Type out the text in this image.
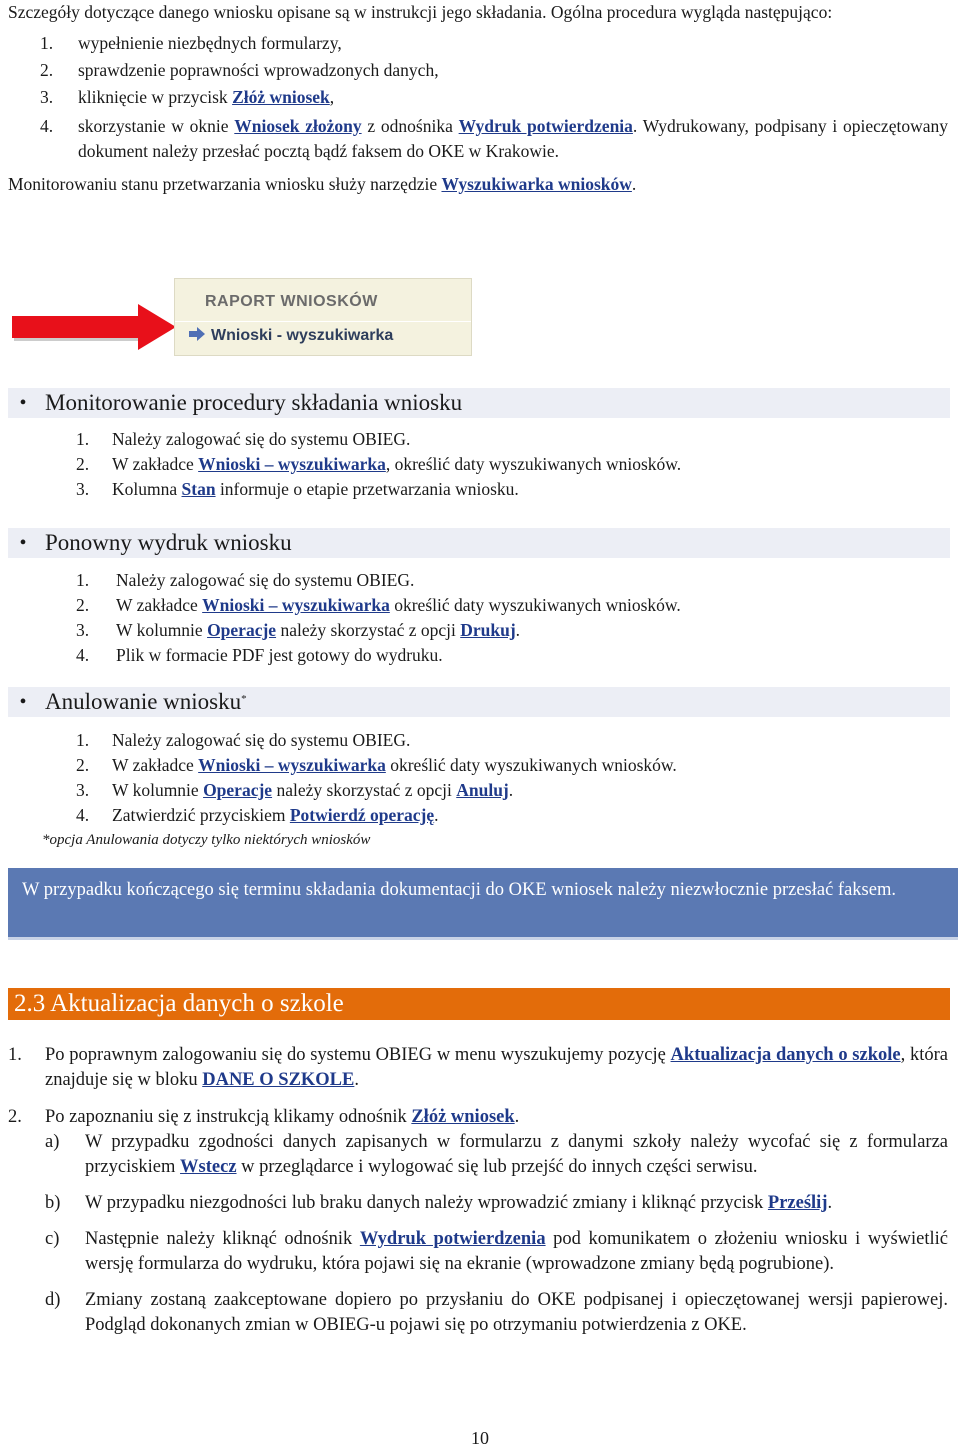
Szczegóły dotyczące danego wniosku opisane są w instrukcji jego składania. Ogólna procedura wygląda następująco:

1. wypełnienie niezbędnych formularzy,
2. sprawdzenie poprawności wprowadzonych danych,
3. kliknięcie w przycisk Złóż wniosek,
4. skorzystanie w oknie Wniosek złożony z odnośnika Wydruk potwierdzenia. Wydrukowany, podpisany i opieczętowany dokument należy przesłać pocztą bądź faksem do OKE w Krakowie.

Monitorowaniu stanu przetwarzania wniosku służy narzędzie Wyszukiwarka wniosków.

RAPORT WNIOSKÓW
Wnioski - wyszukiwarka
• Monitorowanie procedury składania wniosku
1. Należy zalogować się do systemu OBIEG.
2. W zakładce Wnioski – wyszukiwarka, określić daty wyszukiwanych wniosków.
3. Kolumna Stan informuje o etapie przetwarzania wniosku.
• Ponowny wydruk wniosku
1. Należy zalogować się do systemu OBIEG.
2. W zakładce Wnioski – wyszukiwarka określić daty wyszukiwanych wniosków.
3. W kolumnie Operacje należy skorzystać z opcji Drukuj.
4. Plik w formacie PDF jest gotowy do wydruku.
• Anulowanie wniosku*
1. Należy zalogować się do systemu OBIEG.
2. W zakładce Wnioski – wyszukiwarka określić daty wyszukiwanych wniosków.
3. W kolumnie Operacje należy skorzystać z opcji Anuluj.
4. Zatwierdzić przyciskiem Potwierdź operację.
*opcja Anulowania dotyczy tylko niektórych wniosków
W przypadku kończącego się terminu składania dokumentacji do OKE wniosek należy niezwłocznie przesłać faksem.
2.3 Aktualizacja danych o szkole
1. Po poprawnym zalogowaniu się do systemu OBIEG w menu wyszukujemy pozycję Aktualizacja danych o szkole, która znajduje się w bloku DANE O SZKOLE.
2. Po zapoznaniu się z instrukcją klikamy odnośnik Złóż wniosek.
a) W przypadku zgodności danych zapisanych w formularzu z danymi szkoły należy wycofać się z formularza przyciskiem Wstecz w przeglądarce i wylogować się lub przejść do innych części serwisu.
b) W przypadku niezgodności lub braku danych należy wprowadzić zmiany i kliknąć przycisk Prześlij.
c) Następnie należy kliknąć odnośnik Wydruk potwierdzenia pod komunikatem o złożeniu wniosku i wyświetlić wersję formularza do wydruku, która pojawi się na ekranie (wprowadzone zmiany będą pogrubione).
d) Zmiany zostaną zaakceptowane dopiero po przysłaniu do OKE podpisanej i opieczętowanej wersji papierowej. Podgląd dokonanych zmian w OBIEG-u pojawi się po otrzymaniu potwierdzenia z OKE.
10
